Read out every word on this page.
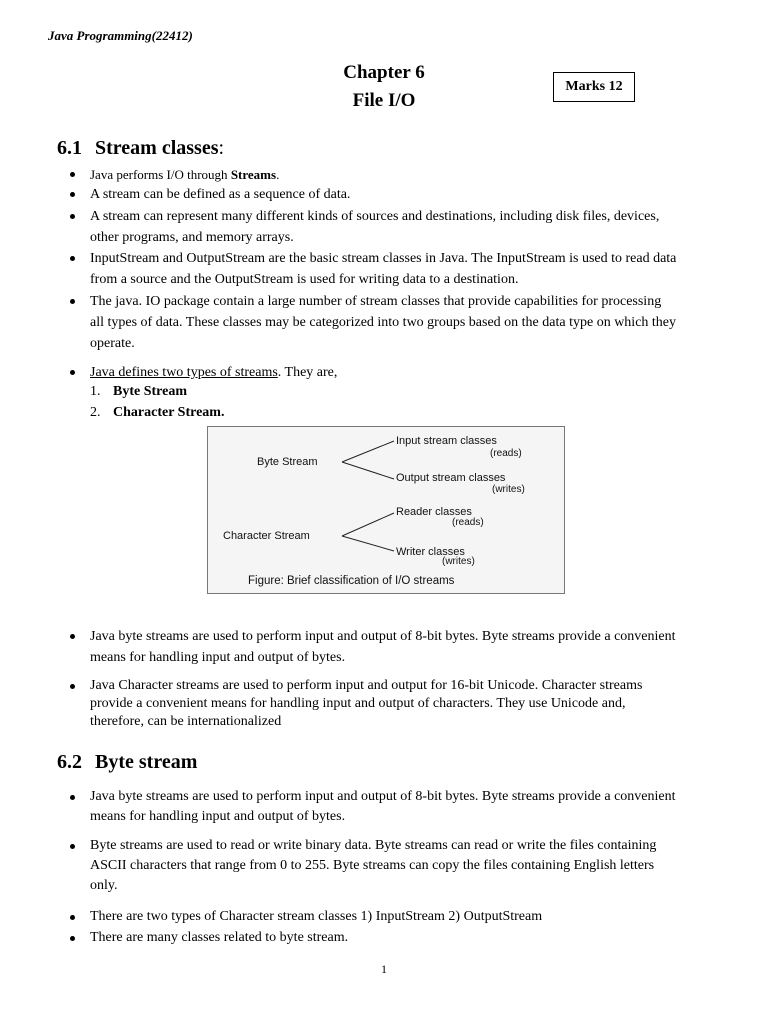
Java Programming(22412)
Chapter 6
File I/O
Marks 12
6.1 Stream classes:
Java performs I/O through Streams.
A stream can be defined as a sequence of data.
A stream can represent many different kinds of sources and destinations, including disk files, devices,
other programs, and memory arrays.
InputStream and OutputStream are the basic stream classes in Java. The InputStream is used to read data
from a source and the OutputStream is used for writing data to a destination.
The java. IO package contain a large number of stream classes that provide capabilities for processing
all types of data. These classes may be categorized into two groups based on the data type on which they
operate.
Java defines two types of streams. They are,
1. Byte Stream
2. Character Stream.
Byte Stream
Input stream classes
(reads)
Output stream classes
(writes)
Character Stream
Reader classes
(reads)
Writer classes
(writes)
Figure: Brief classification of I/O streams
Java byte streams are used to perform input and output of 8-bit bytes. Byte streams provide a convenient
means for handling input and output of bytes.
Java Character streams are used to perform input and output for 16-bit Unicode. Character streams
provide a convenient means for handling input and output of characters. They use Unicode and,
therefore, can be internationalized
6.2 Byte stream
Java byte streams are used to perform input and output of 8-bit bytes. Byte streams provide a convenient
means for handling input and output of bytes.
Byte streams are used to read or write binary data. Byte streams can read or write the files containing
ASCII characters that range from 0 to 255. Byte streams can copy the files containing English letters
only.
There are two types of Character stream classes 1) InputStream 2) OutputStream
There are many classes related to byte stream.
1
